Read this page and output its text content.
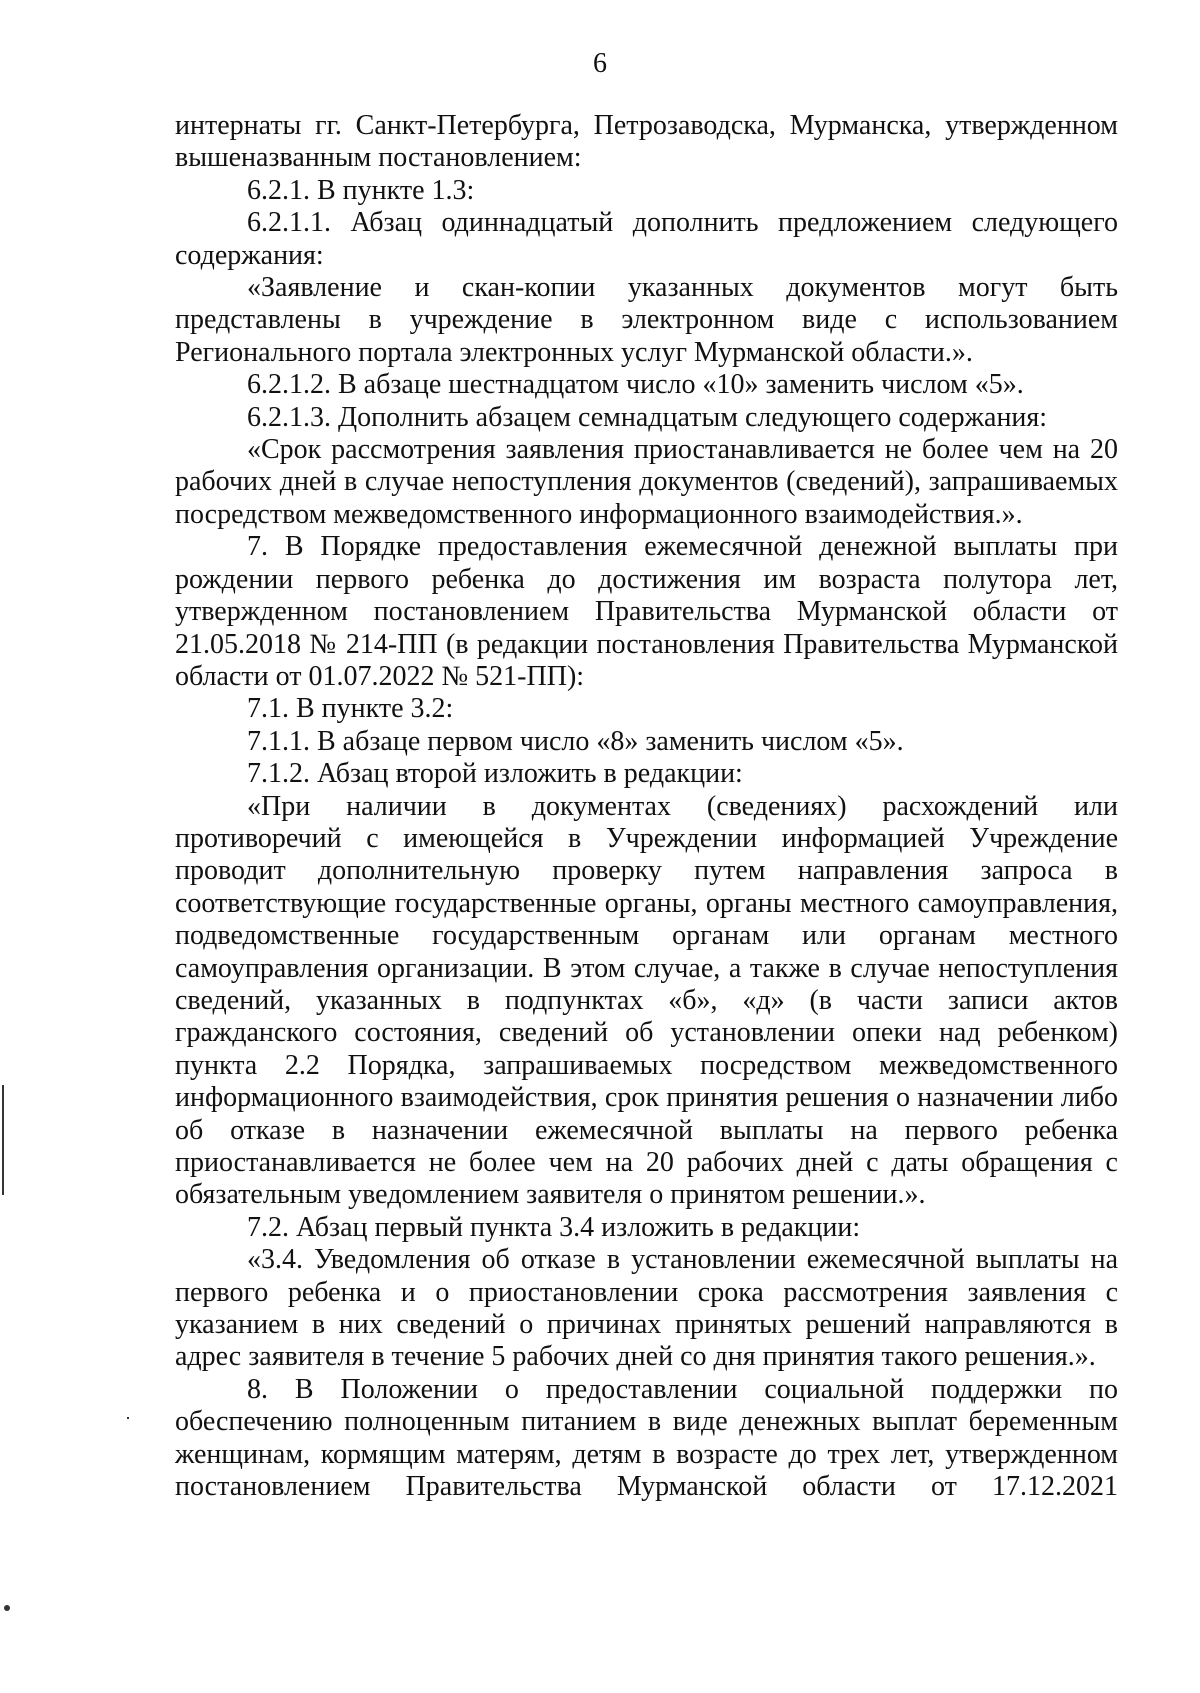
6

интернаты гг. Санкт-Петербурга, Петрозаводска, Мурманска, утвержденном вышеназванным постановлением:

6.2.1. В пункте 1.3:

6.2.1.1. Абзац одиннадцатый дополнить предложением следующего содержания:

«Заявление и скан-копии указанных документов могут быть представлены в учреждение в электронном виде с использованием Регионального портала электронных услуг Мурманской области.».

6.2.1.2. В абзаце шестнадцатом число «10» заменить числом «5».

6.2.1.3. Дополнить абзацем семнадцатым следующего содержания:

«Срок рассмотрения заявления приостанавливается не более чем на 20 рабочих дней в случае непоступления документов (сведений), запрашиваемых посредством межведомственного информационного взаимодействия.».

7. В Порядке предоставления ежемесячной денежной выплаты при рождении первого ребенка до достижения им возраста полутора лет, утвержденном постановлением Правительства Мурманской области от 21.05.2018 № 214-ПП (в редакции постановления Правительства Мурманской области от 01.07.2022 № 521-ПП):

7.1. В пункте 3.2:

7.1.1. В абзаце первом число «8» заменить числом «5».

7.1.2. Абзац второй изложить в редакции:

«При наличии в документах (сведениях) расхождений или противоречий с имеющейся в Учреждении информацией Учреждение проводит дополнительную проверку путем направления запроса в соответствующие государственные органы, органы местного самоуправления, подведомственные государственным органам или органам местного самоуправления организации. В этом случае, а также в случае непоступления сведений, указанных в подпунктах «б», «д» (в части записи актов гражданского состояния, сведений об установлении опеки над ребенком) пункта 2.2 Порядка, запрашиваемых посредством межведомственного информационного взаимодействия, срок принятия решения о назначении либо об отказе в назначении ежемесячной выплаты на первого ребенка приостанавливается не более чем на 20 рабочих дней с даты обращения с обязательным уведомлением заявителя о принятом решении.».

7.2. Абзац первый пункта 3.4 изложить в редакции:

«3.4. Уведомления об отказе в установлении ежемесячной выплаты на первого ребенка и о приостановлении срока рассмотрения заявления с указанием в них сведений о причинах принятых решений направляются в адрес заявителя в течение 5 рабочих дней со дня принятия такого решения.».

8. В Положении о предоставлении социальной поддержки по обеспечению полноценным питанием в виде денежных выплат беременным женщинам, кормящим матерям, детям в возрасте до трех лет, утвержденном постановлением Правительства Мурманской области от 17.12.2021
